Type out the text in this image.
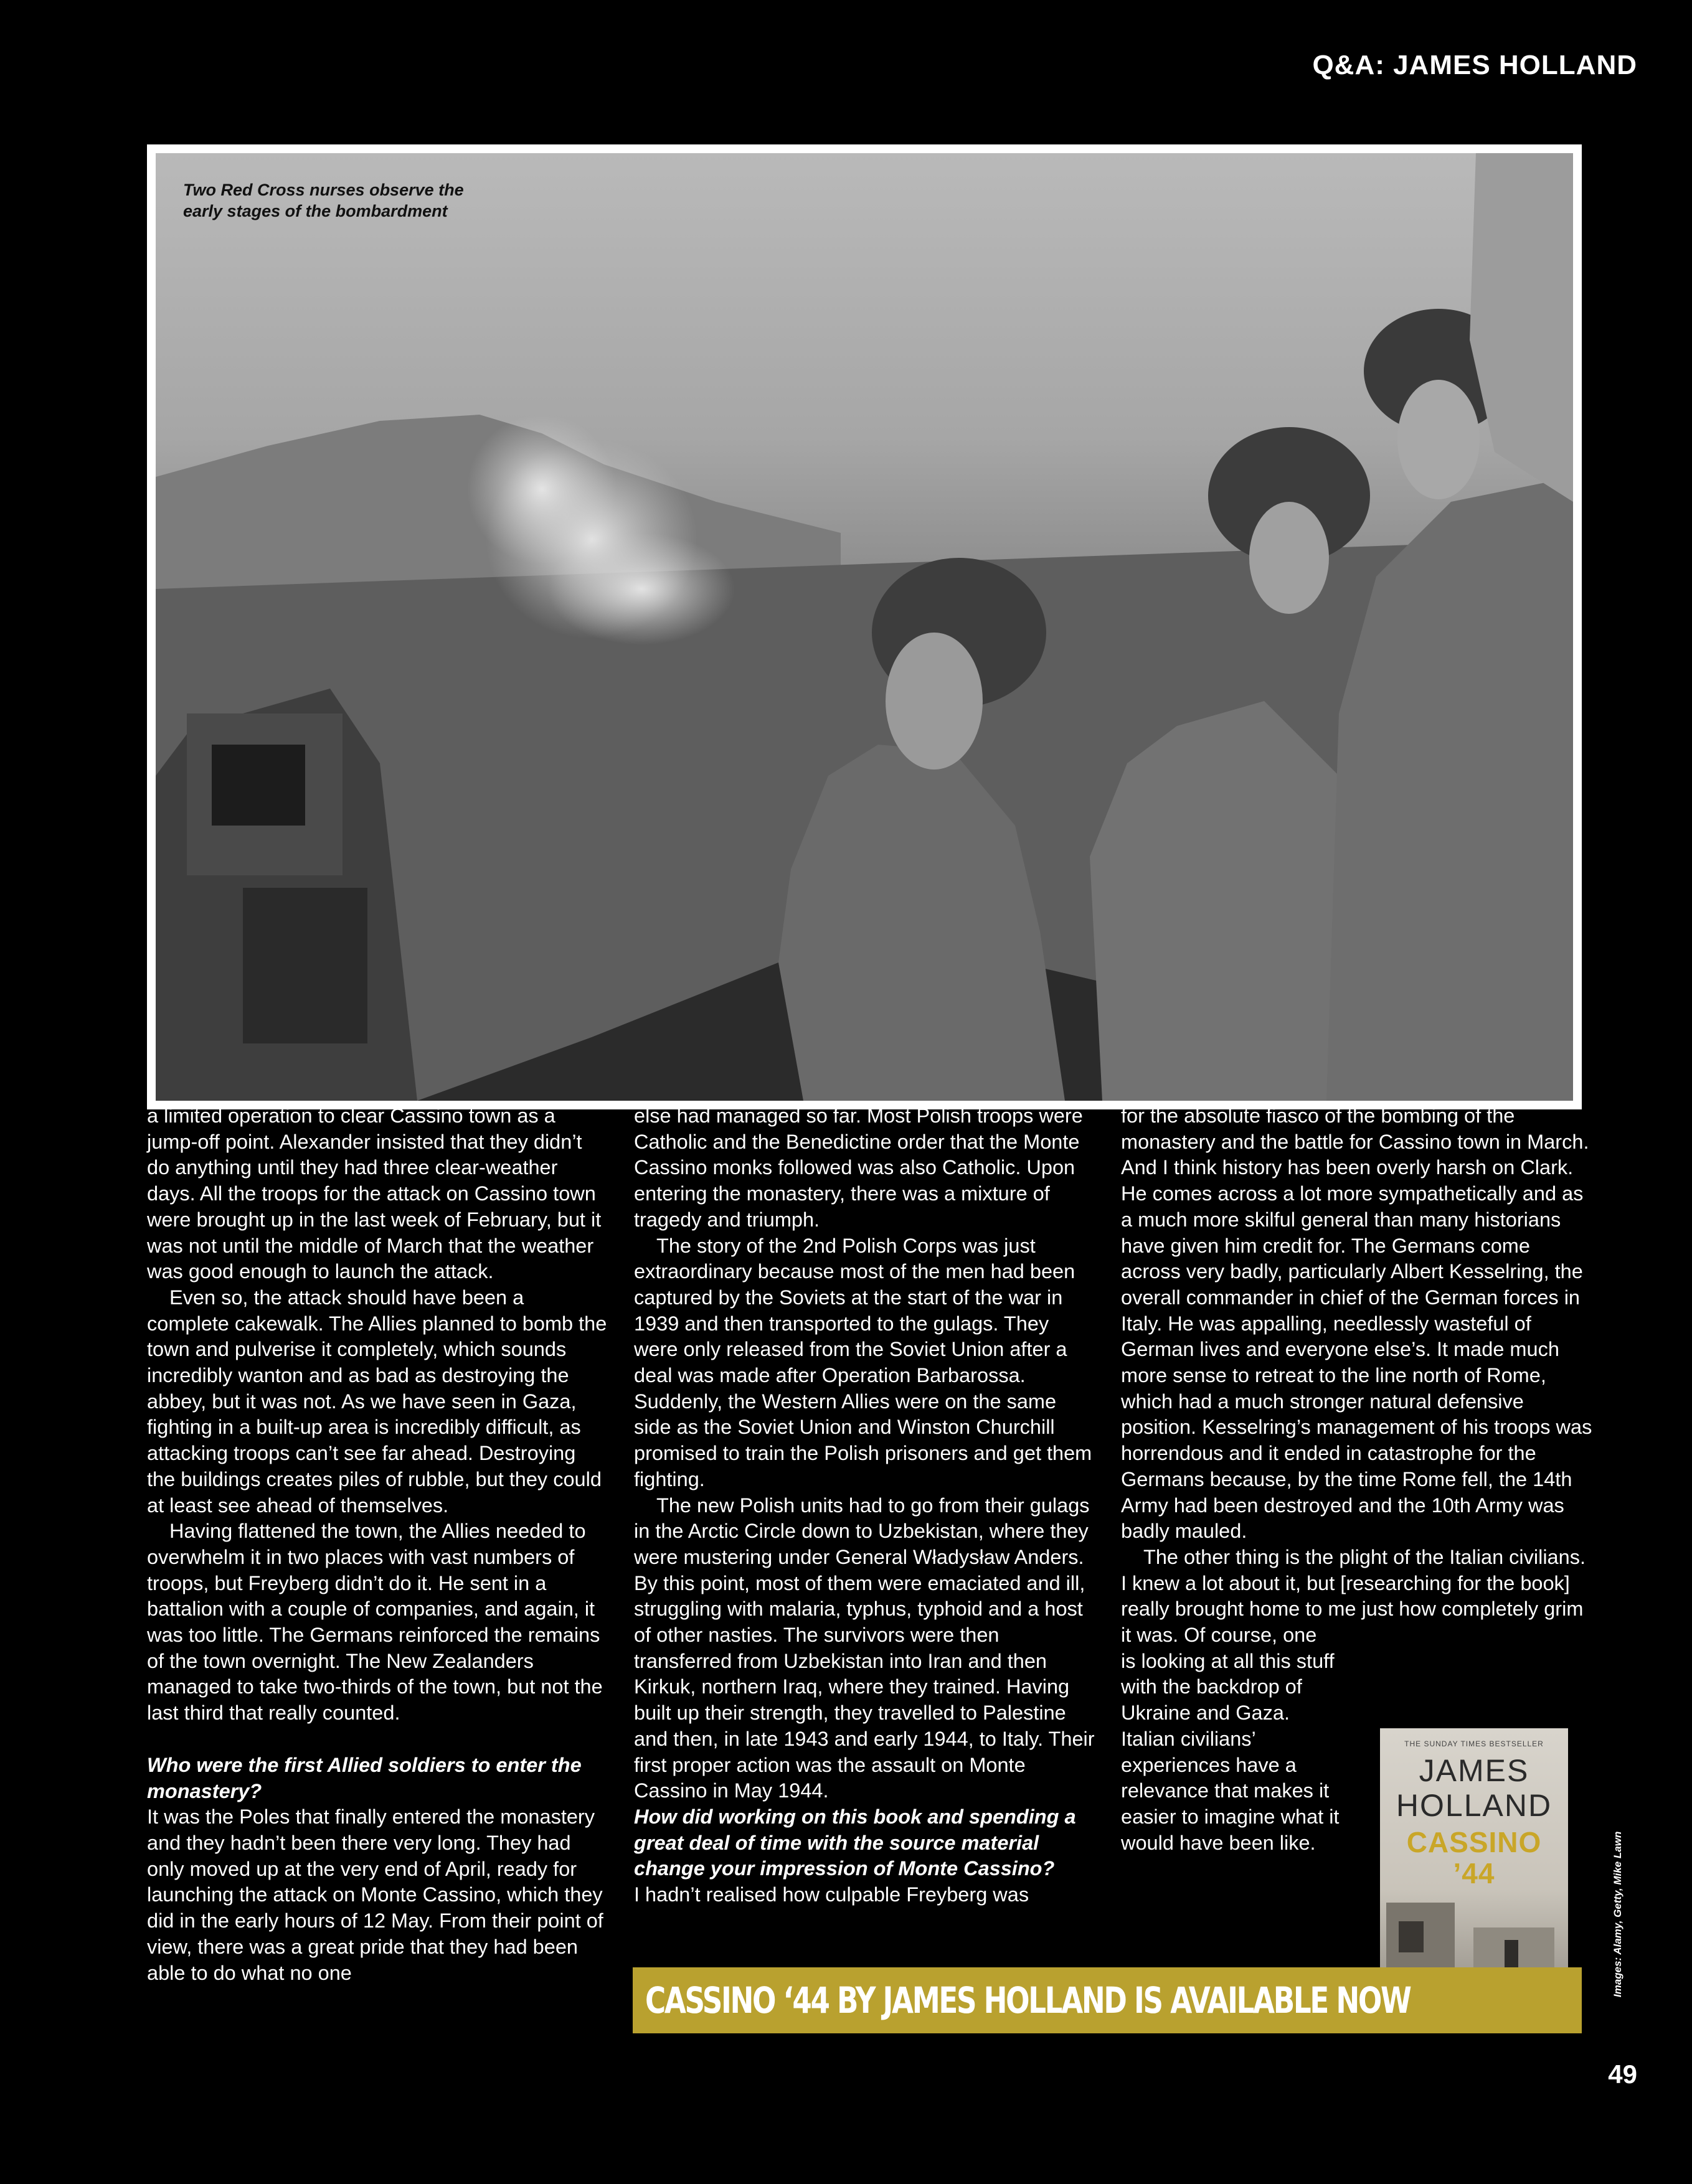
Q&A: JAMES HOLLAND
Two Red Cross nurses observe the
early stages of the bombardment

a limited operation to clear Cassino town as a jump-off point. Alexander insisted that they didn’t do anything until they had three clear-weather days. All the troops for the attack on Cassino town were brought up in the last week of February, but it was not until the middle of March that the weather was good enough to launch the attack.

Even so, the attack should have been a complete cakewalk. The Allies planned to bomb the town and pulverise it completely, which sounds incredibly wanton and as bad as destroying the abbey, but it was not. As we have seen in Gaza, fighting in a built-up area is incredibly difficult, as attacking troops can’t see far ahead. Destroying the buildings creates piles of rubble, but they could at least see ahead of themselves.

Having flattened the town, the Allies needed to overwhelm it in two places with vast numbers of troops, but Freyberg didn’t do it. He sent in a battalion with a couple of companies, and again, it was too little. The Germans reinforced the remains of the town overnight. The New Zealanders managed to take two-thirds of the town, but not the last third that really counted.

Who were the first Allied soldiers to enter the monastery?

It was the Poles that finally entered the monastery and they hadn’t been there very long. They had only moved up at the very end of April, ready for launching the attack on Monte Cassino, which they did in the early hours of 12 May. From their point of view, there was a great pride that they had been able to do what no one

else had managed so far. Most Polish troops were Catholic and the Benedictine order that the Monte Cassino monks followed was also Catholic. Upon entering the monastery, there was a mixture of tragedy and triumph.

The story of the 2nd Polish Corps was just extraordinary because most of the men had been captured by the Soviets at the start of the war in 1939 and then transported to the gulags. They were only released from the Soviet Union after a deal was made after Operation Barbarossa. Suddenly, the Western Allies were on the same side as the Soviet Union and Winston Churchill promised to train the Polish prisoners and get them fighting.

The new Polish units had to go from their gulags in the Arctic Circle down to Uzbekistan, where they were mustering under General Władysław Anders. By this point, most of them were emaciated and ill, struggling with malaria, typhus, typhoid and a host of other nasties. The survivors were then transferred from Uzbekistan into Iran and then Kirkuk, northern Iraq, where they trained. Having built up their strength, they travelled to Palestine and then, in late 1943 and early 1944, to Italy. Their first proper action was the assault on Monte Cassino in May 1944.

How did working on this book and spending a great deal of time with the source material change your impression of Monte Cassino?

I hadn’t realised how culpable Freyberg was

for the absolute fiasco of the bombing of the monastery and the battle for Cassino town in March. And I think history has been overly harsh on Clark. He comes across a lot more sympathetically and as a much more skilful general than many historians have given him credit for. The Germans come across very badly, particularly Albert Kesselring, the overall commander in chief of the German forces in Italy. He was appalling, needlessly wasteful of German lives and everyone else’s. It made much more sense to retreat to the line north of Rome, which had a much stronger natural defensive position. Kesselring’s management of his troops was horrendous and it ended in catastrophe for the Germans because, by the time Rome fell, the 14th Army had been destroyed and the 10th Army was badly mauled.

The other thing is the plight of the Italian civilians. I knew a lot about it, but [researching for the book] really brought home to me just how completely grim it was. Of course, one

is looking at all this stuff with the backdrop of Ukraine and Gaza. Italian civilians’ experiences have a relevance that makes it easier to imagine what it would have been like.

THE SUNDAY TIMES BESTSELLER
JAMES
HOLLAND
CASSINO
’44
CASSINO ‘44 BY JAMES HOLLAND IS AVAILABLE NOW
Images: Alamy, Getty, Mike Lawn
49
